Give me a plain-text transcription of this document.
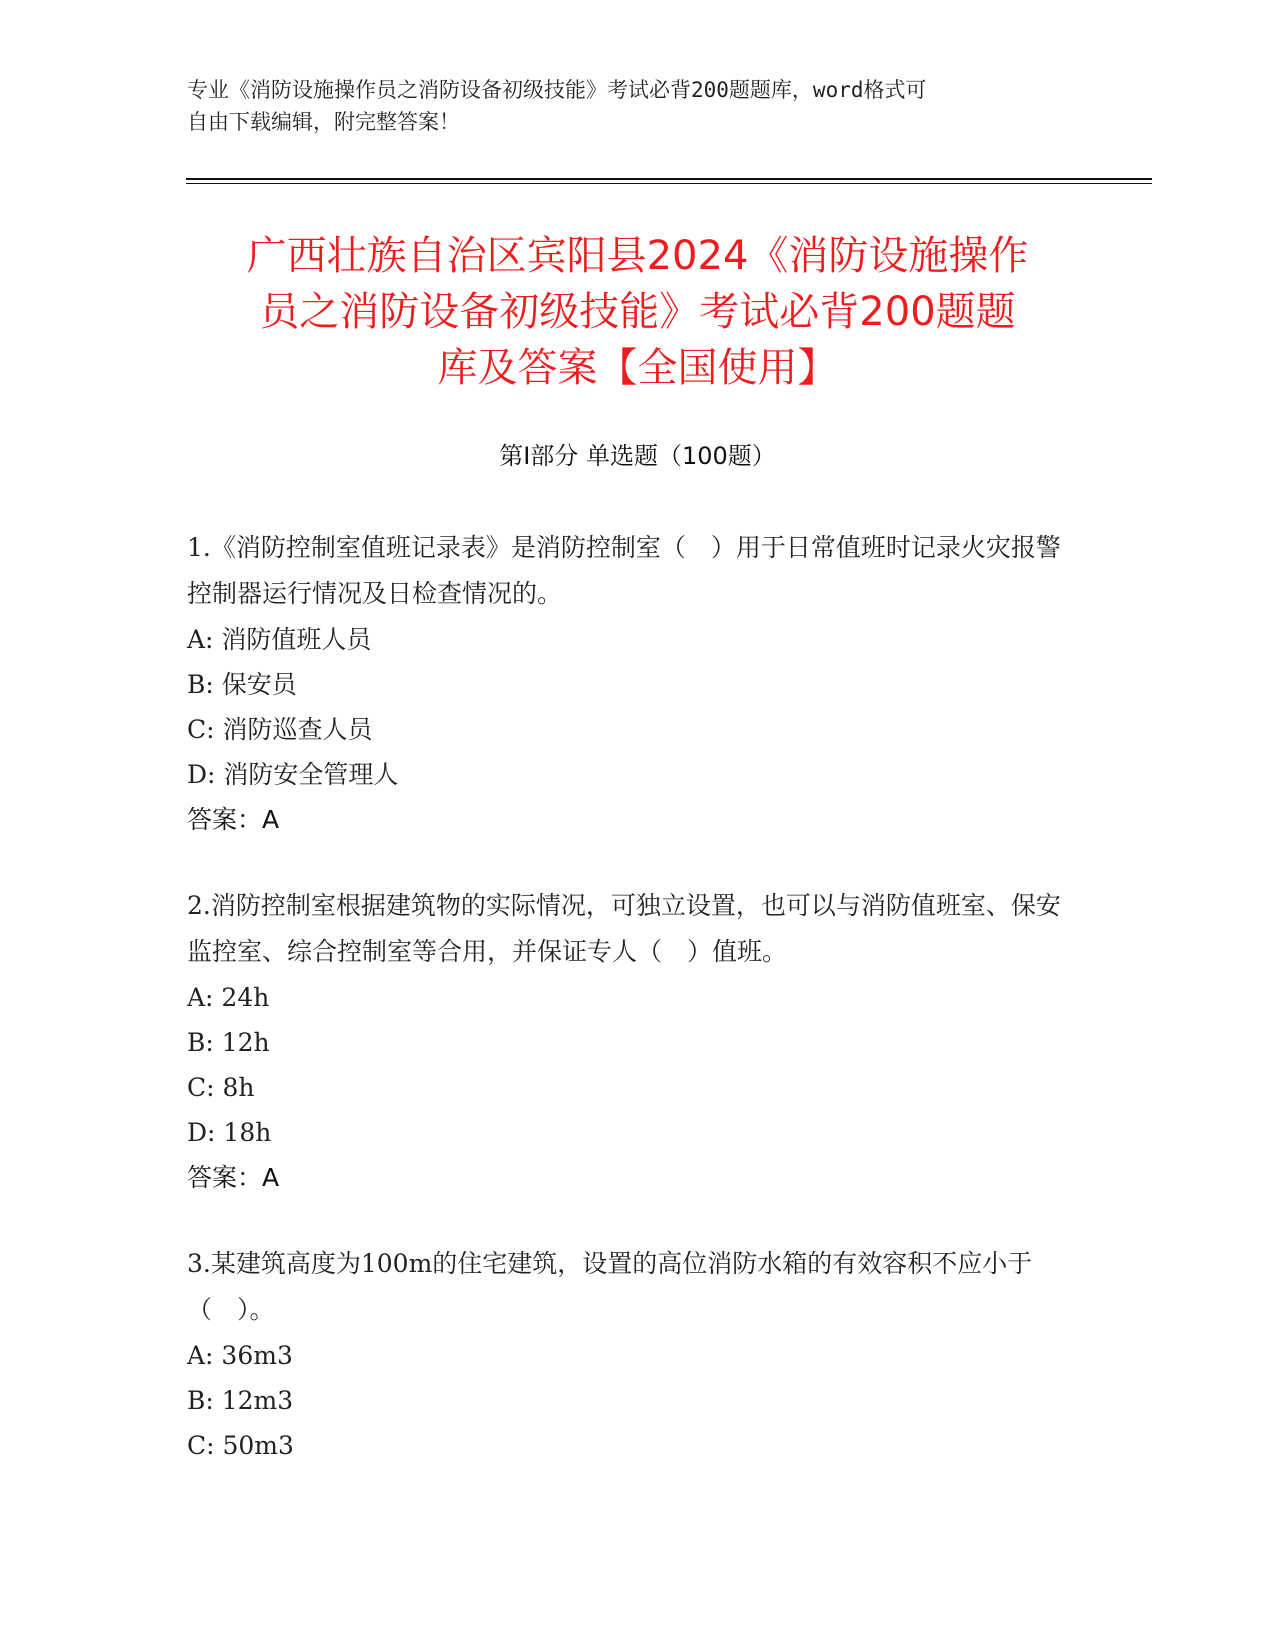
专业《消防设施操作员之消防设备初级技能》考试必背200题题库，word格式可
自由下载编辑，附完整答案！
广西壮族自治区宾阳县2024《消防设施操作
员之消防设备初级技能》考试必背200题题
库及答案【全国使用】
第Ⅰ部分 单选题（100题）

1.《消防控制室值班记录表》是消防控制室（　）用于日常值班时记录火灾报警控制器运行情况及日检查情况的。

A: 消防值班人员

B: 保安员

C: 消防巡查人员

D: 消防安全管理人

答案：A

2.消防控制室根据建筑物的实际情况，可独立设置，也可以与消防值班室、保安监控室、综合控制室等合用，并保证专人（　）值班。

A: 24h

B: 12h

C: 8h

D: 18h

答案：A

3.某建筑高度为100m的住宅建筑，设置的高位消防水箱的有效容积不应小于（　）。

A: 36m3

B: 12m3

C: 50m3
